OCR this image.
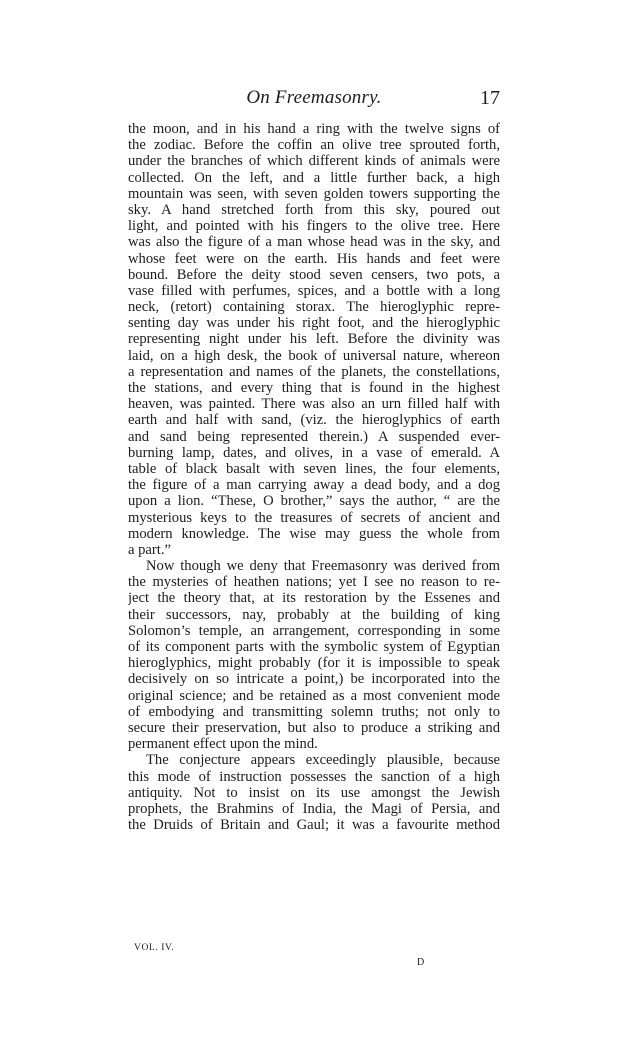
On Freemasonry.	17
the moon, and in his hand a ring with the twelve signs of
the zodiac. Before the coffin an olive tree sprouted forth,
under the branches of which different kinds of animals were
collected. On the left, and a little further back, a high
mountain was seen, with seven golden towers supporting the
sky. A hand stretched forth from this sky, poured out
light, and pointed with his fingers to the olive tree. Here
was also the figure of a man whose head was in the sky, and
whose feet were on the earth. His hands and feet were
bound. Before the deity stood seven censers, two pots, a
vase filled with perfumes, spices, and a bottle with a long
neck, (retort) containing storax. The hieroglyphic repre-
senting day was under his right foot, and the hieroglyphic
representing night under his left. Before the divinity was
laid, on a high desk, the book of universal nature, whereon
a representation and names of the planets, the constellations,
the stations, and every thing that is found in the highest
heaven, was painted. There was also an urn filled half with
earth and half with sand, (viz. the hieroglyphics of earth
and sand being represented therein.) A suspended ever-
burning lamp, dates, and olives, in a vase of emerald. A
table of black basalt with seven lines, the four elements,
the figure of a man carrying away a dead body, and a dog
upon a lion. “These, O brother,” says the author, “ are the
mysterious keys to the treasures of secrets of ancient and
modern knowledge. The wise may guess the whole from
a part.”
Now though we deny that Freemasonry was derived from
the mysteries of heathen nations; yet I see no reason to re-
ject the theory that, at its restoration by the Essenes and
their successors, nay, probably at the building of king
Solomon’s temple, an arrangement, corresponding in some
of its component parts with the symbolic system of Egyptian
hieroglyphics, might probably (for it is impossible to speak
decisively on so intricate a point,) be incorporated into the
original science; and be retained as a most convenient mode
of embodying and transmitting solemn truths; not only to
secure their preservation, but also to produce a striking and
permanent effect upon the mind.
The conjecture appears exceedingly plausible, because
this mode of instruction possesses the sanction of a high
antiquity. Not to insist on its use amongst the Jewish
prophets, the Brahmins of India, the Magi of Persia, and
the Druids of Britain and Gaul; it was a favourite method
VOL. IV.
D
